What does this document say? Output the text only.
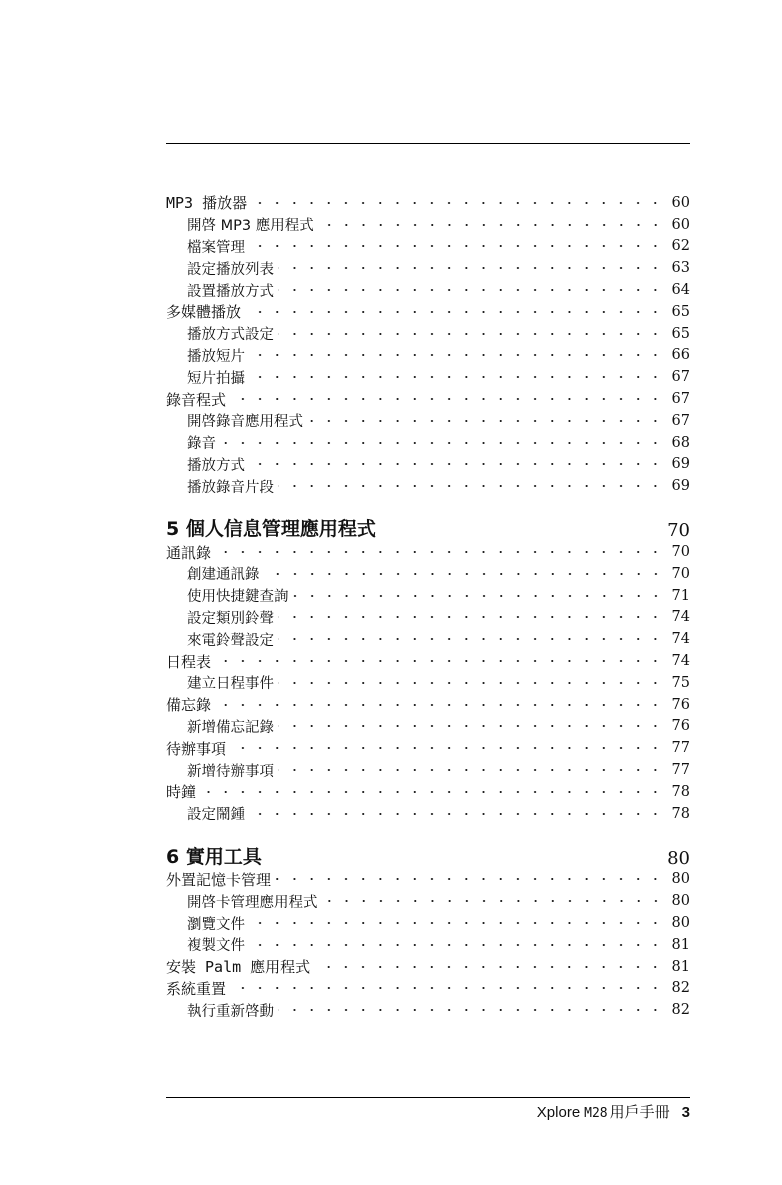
MP3 播放器	60
開啓 MP3 應用程式	60
檔案管理	62
設定播放列表	63
設置播放方式	64
多媒體播放	65
播放方式設定	65
播放短片	66
短片拍攝	67
錄音程式	67
開啓錄音應用程式	67
錄音	68
播放方式	69
播放錄音片段	69
5 個人信息管理應用程式	70
通訊錄	70
創建通訊錄	70
使用快捷鍵查詢	71
設定類別鈴聲	74
來電鈴聲設定	74
日程表	74
建立日程事件	75
備忘錄	76
新增備忘記錄	76
待辦事項	77
新增待辦事項	77
時鐘	78
設定鬧鍾	78
6 實用工具	80
外置記憶卡管理	80
開啓卡管理應用程式	80
瀏覽文件	80
複製文件	81
安裝 Palm 應用程式	81
系統重置	82
執行重新啓動	82
Xplore M28 用戶手冊 3
